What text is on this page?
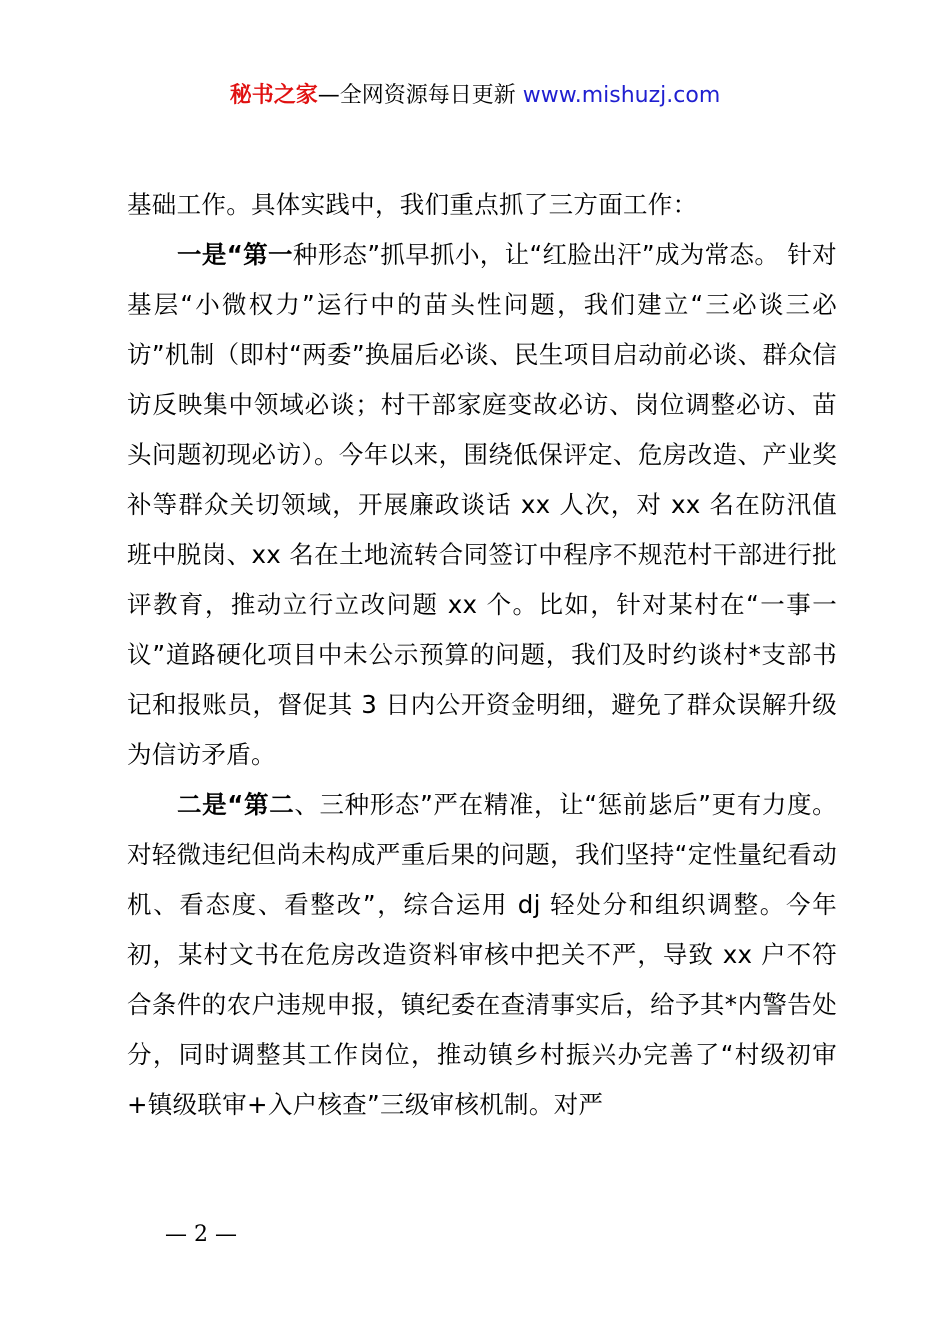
秘书之家—全网资源每日更新 www.mishuzj.com

基础工作。具体实践中，我们重点抓了三方面工作：

一是“第一种形态”抓早抓小，让“红脸出汗”成为常态。 针对基层“小微权力”运行中的苗头性问题，我们建立“三必谈三必访”机制（即村“两委”换届后必谈、民生项目启动前必谈、群众信访反映集中领域必谈；村干部家庭变故必访、岗位调整必访、苗头问题初现必访）。今年以来，围绕低保评定、危房改造、产业奖补等群众关切领域，开展廉政谈话 xx 人次，对 xx 名在防汛值班中脱岗、xx 名在土地流转合同签订中程序不规范村干部进行批评教育，推动立行立改问题 xx 个。比如，针对某村在“一事一议”道路硬化项目中未公示预算的问题，我们及时约谈村*支部书记和报账员，督促其 3 日内公开资金明细，避免了群众误解升级为信访矛盾。

二是“第二、三种形态”严在精准，让“惩前毖后”更有力度。 对轻微违纪但尚未构成严重后果的问题，我们坚持“定性量纪看动机、看态度、看整改”，综合运用 dj 轻处分和组织调整。今年初，某村文书在危房改造资料审核中把关不严，导致 xx 户不符合条件的农户违规申报，镇纪委在查清事实后，给予其*内警告处分，同时调整其工作岗位，推动镇乡村振兴办完善了“村级初审+镇级联审+入户核查”三级审核机制。对严

— 2 —
